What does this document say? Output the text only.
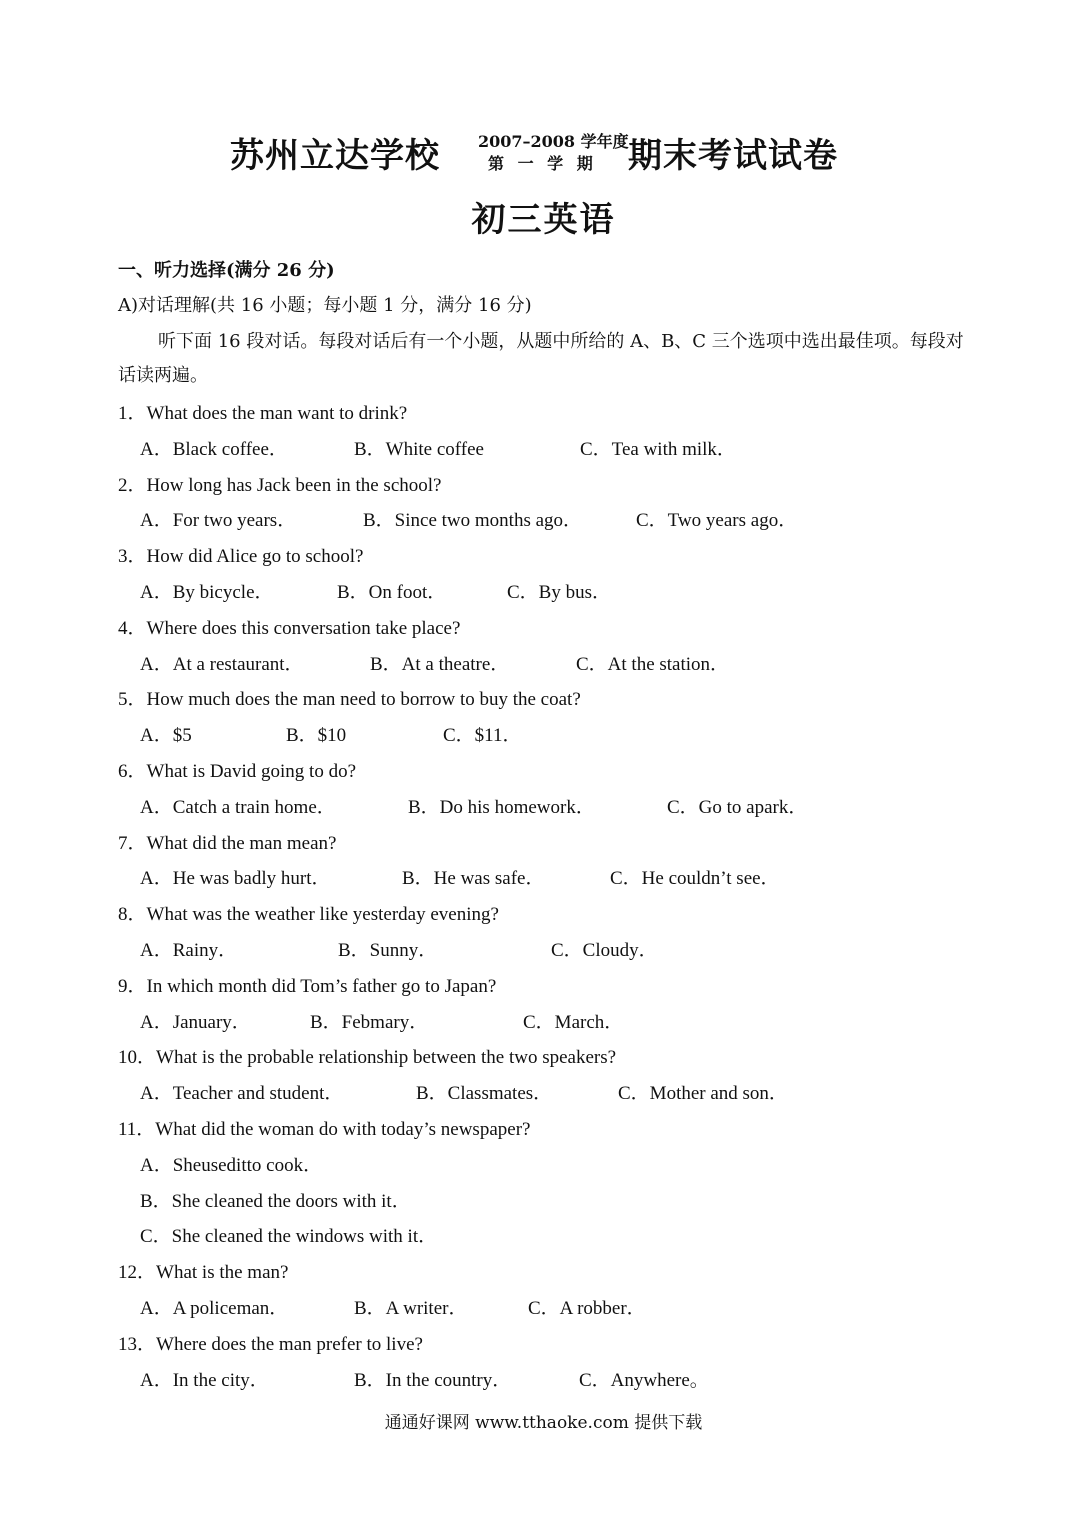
苏州立达学校 2007–2008 学年度
第 一 学 期 期末考试试卷
初三英语
一、听力选择(满分 26 分)
A)对话理解(共 16 小题；每小题 1 分，满分 16 分)
听下面 16 段对话。每段对话后有一个小题，从题中所给的 A、B、C 三个选项中选出最佳项。每段对话读两遍。
1．What does the man want to drink?
A．Black coffee．	B．White coffee	C．Tea with milk．
2．How long has Jack been in the school?
A．For two years．	B．Since two months ago．	C．Two years ago．
3．How did Alice go to school?
A．By bicycle．	B．On foot．	C．By bus．
4．Where does this conversation take place?
A．At a restaurant．	B．At a theatre．	C．At the station．
5．How much does the man need to borrow to buy the coat?
A．$5	B．$10	C．$11．
6．What is David going to do?
A．Catch a train home．	B．Do his homework．	C．Go to apark．
7．What did the man mean?
A．He was badly hurt．	B．He was safe．	C．He couldn’t see．
8．What was the weather like yesterday evening?
A．Rainy．	B．Sunny．	C．Cloudy．
9．In which month did Tom’s father go to Japan?
A．January．	B．Febmary．	C．March．
10．What is the probable relationship between the two speakers?
A．Teacher and student．	B．Classmates．	C．Mother and son．
11．What did the woman do with today’s newspaper?
A．Sheuseditto cook．
B．She cleaned the doors with it．
C．She cleaned the windows with it．
12．What is the man?
A．A policeman．	B．A writer．	C．A robber．
13．Where does the man prefer to live?
A．In the city．	B．In the country．	C．Anywhere。
通通好课网 www.tthaoke.com 提供下载
